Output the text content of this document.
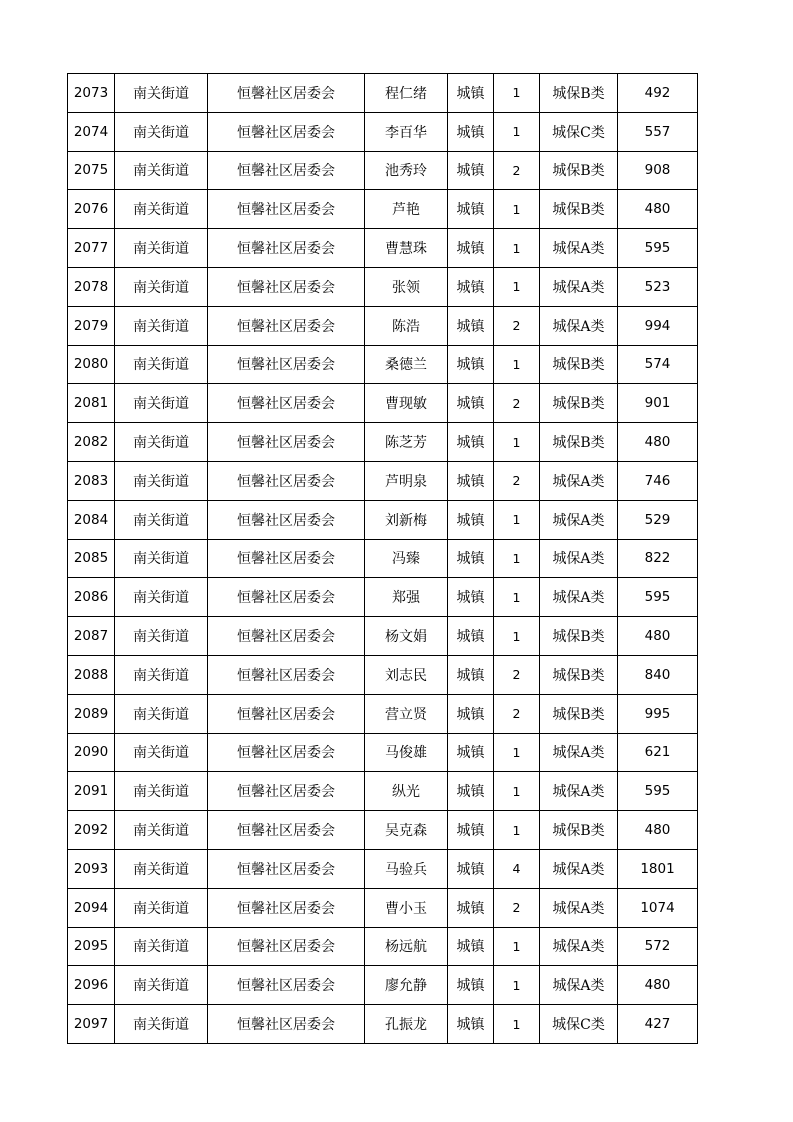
2073	南关街道	恒馨社区居委会	程仁绪	城镇	1	城保B类	492
2074	南关街道	恒馨社区居委会	李百华	城镇	1	城保C类	557
2075	南关街道	恒馨社区居委会	池秀玲	城镇	2	城保B类	908
2076	南关街道	恒馨社区居委会	芦艳	城镇	1	城保B类	480
2077	南关街道	恒馨社区居委会	曹慧珠	城镇	1	城保A类	595
2078	南关街道	恒馨社区居委会	张领	城镇	1	城保A类	523
2079	南关街道	恒馨社区居委会	陈浩	城镇	2	城保A类	994
2080	南关街道	恒馨社区居委会	桑德兰	城镇	1	城保B类	574
2081	南关街道	恒馨社区居委会	曹现敏	城镇	2	城保B类	901
2082	南关街道	恒馨社区居委会	陈芝芳	城镇	1	城保B类	480
2083	南关街道	恒馨社区居委会	芦明泉	城镇	2	城保A类	746
2084	南关街道	恒馨社区居委会	刘新梅	城镇	1	城保A类	529
2085	南关街道	恒馨社区居委会	冯臻	城镇	1	城保A类	822
2086	南关街道	恒馨社区居委会	郑强	城镇	1	城保A类	595
2087	南关街道	恒馨社区居委会	杨文娟	城镇	1	城保B类	480
2088	南关街道	恒馨社区居委会	刘志民	城镇	2	城保B类	840
2089	南关街道	恒馨社区居委会	营立贤	城镇	2	城保B类	995
2090	南关街道	恒馨社区居委会	马俊雄	城镇	1	城保A类	621
2091	南关街道	恒馨社区居委会	纵光	城镇	1	城保A类	595
2092	南关街道	恒馨社区居委会	吴克森	城镇	1	城保B类	480
2093	南关街道	恒馨社区居委会	马验兵	城镇	4	城保A类	1801
2094	南关街道	恒馨社区居委会	曹小玉	城镇	2	城保A类	1074
2095	南关街道	恒馨社区居委会	杨远航	城镇	1	城保A类	572
2096	南关街道	恒馨社区居委会	廖允静	城镇	1	城保A类	480
2097	南关街道	恒馨社区居委会	孔振龙	城镇	1	城保C类	427
